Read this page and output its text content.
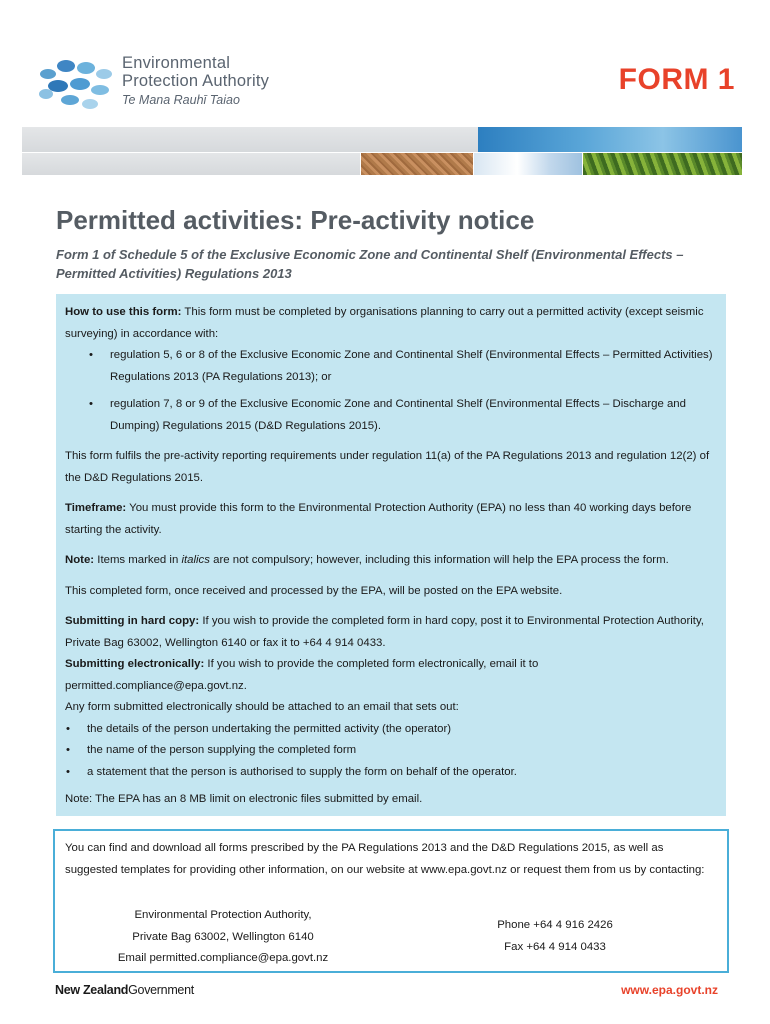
Environmental
Protection Authority
Te Mana Rauhī Taiao
FORM 1
Permitted activities: Pre-activity notice
Form 1 of Schedule 5 of the Exclusive Economic Zone and Continental Shelf (Environmental Effects – Permitted Activities) Regulations 2013

How to use this form: This form must be completed by organisations planning to carry out a permitted activity (except seismic surveying) in accordance with:

• regulation 5, 6 or 8 of the Exclusive Economic Zone and Continental Shelf (Environmental Effects – Permitted Activities) Regulations 2013 (PA Regulations 2013); or
• regulation 7, 8 or 9 of the Exclusive Economic Zone and Continental Shelf (Environmental Effects – Discharge and Dumping) Regulations 2015 (D&D Regulations 2015).

This form fulfils the pre-activity reporting requirements under regulation 11(a) of the PA Regulations 2013 and regulation 12(2) of the D&D Regulations 2015.

Timeframe: You must provide this form to the Environmental Protection Authority (EPA) no less than 40 working days before starting the activity.

Note: Items marked in italics are not compulsory; however, including this information will help the EPA process the form.

This completed form, once received and processed by the EPA, will be posted on the EPA website.

Submitting in hard copy: If you wish to provide the completed form in hard copy, post it to Environmental Protection Authority, Private Bag 63002, Wellington 6140 or fax it to +64 4 914 0433.

Submitting electronically: If you wish to provide the completed form electronically, email it to permitted.compliance@epa.govt.nz.

Any form submitted electronically should be attached to an email that sets out:

• the details of the person undertaking the permitted activity (the operator)
• the name of the person supplying the completed form
• a statement that the person is authorised to supply the form on behalf of the operator.

Note: The EPA has an 8 MB limit on electronic files submitted by email.

You can find and download all forms prescribed by the PA Regulations 2013 and the D&D Regulations 2015, as well as suggested templates for providing other information, on our website at www.epa.govt.nz or request them from us by contacting:

Environmental Protection Authority,
Private Bag 63002, Wellington 6140
Email permitted.compliance@epa.govt.nz
Phone +64 4 916 2426
Fax +64 4 914 0433
New ZealandGovernment	www.epa.govt.nz
